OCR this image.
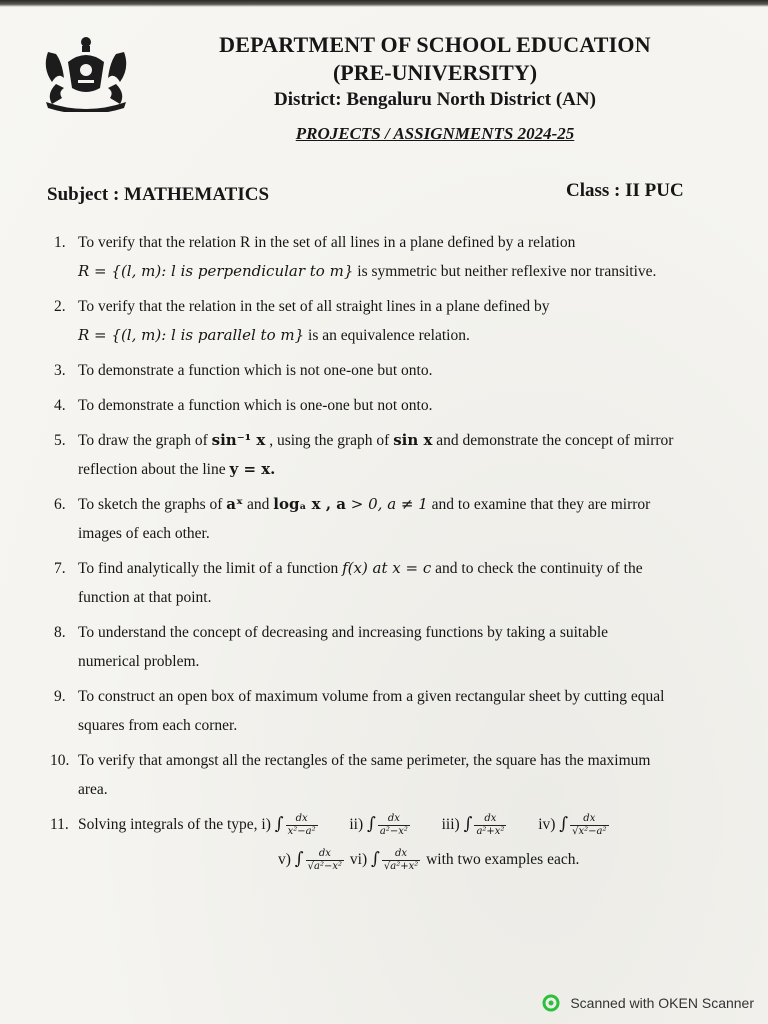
DEPARTMENT OF SCHOOL EDUCATION
(PRE-UNIVERSITY)
District: Bengaluru North District (AN)
PROJECTS / ASSIGNMENTS 2024-25
Subject : MATHEMATICS	Class : II PUC
1. To verify that the relation R in the set of all lines in a plane defined by a relation
R = {(l, m): l is perpendicular to m} is symmetric but neither reflexive nor transitive.
2. To verify that the relation in the set of all straight lines in a plane defined by
R = {(l, m): l is parallel to m} is an equivalence relation.
3. To demonstrate a function which is not one-one but onto.
4. To demonstrate a function which is one-one but not onto.
5. To draw the graph of sin⁻¹ x , using the graph of sin x and demonstrate the concept of mirror
reflection about the line y = x.
6. To sketch the graphs of aˣ and logₐ x , a > 0, a ≠ 1 and to examine that they are mirror
images of each other.
7. To find analytically the limit of a function f(x) at x = c and to check the continuity of the
function at that point.
8. To understand the concept of decreasing and increasing functions by taking a suitable
numerical problem.
9. To construct an open box of maximum volume from a given rectangular sheet by cutting equal
squares from each corner.
10. To verify that amongst all the rectangles of the same perimeter, the square has the maximum
area.
11. Solving integrals of the type, i) ∫ $\frac{dx}{\text{x²−a²}} ii$) ∫ $\frac{dx}{\text{a²−x²}} iii$) ∫ $\frac{dx}{\text{a²+x²}} iv$) ∫ $\frac{dx}{\text{√x²−a²}}$
v) ∫ $\frac{dx}{\text{√a²−x²}} vi$) ∫ $\frac{dx}{\text{√a²+x²}}$ with two examples each.
Scanned with OKEN Scanner
